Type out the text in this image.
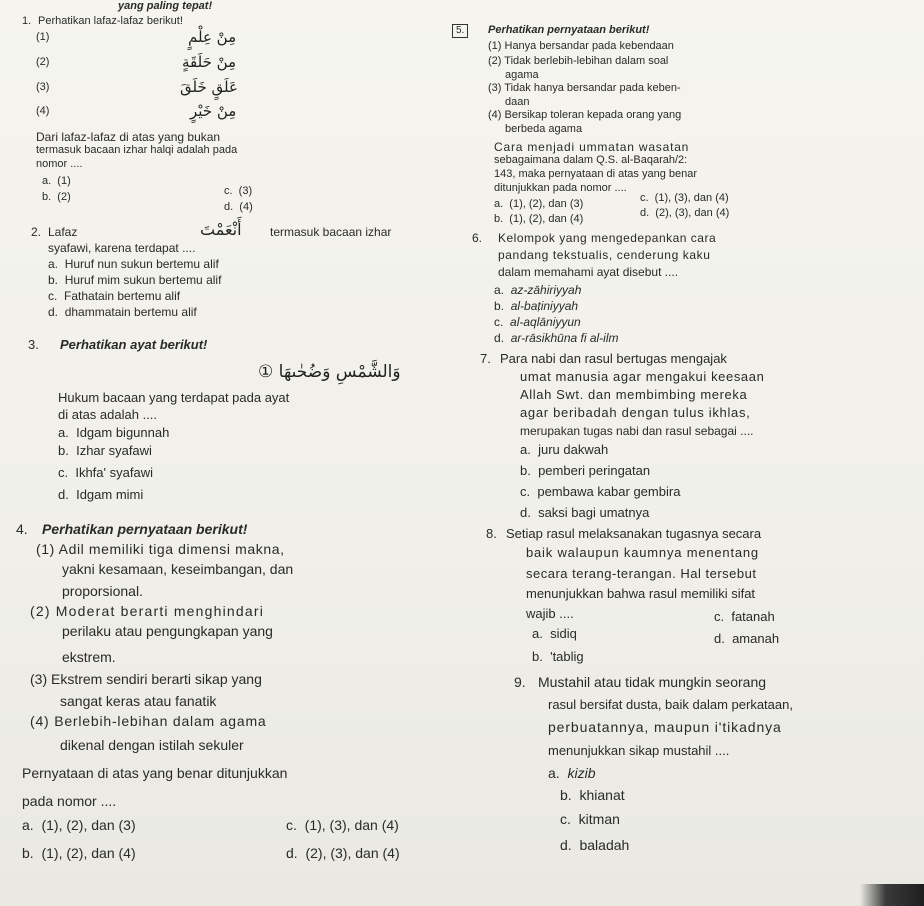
yang paling tepat!
1. Perhatikan lafaz-lafaz berikut!
(1)	مِنْ عِلْمٍ
(2)	مِنْ حَلَقَةٍ
(3)	عَلَقٍ خَلَقَ
(4)	مِنْ خَيْرٍ
Dari lafaz-lafaz di atas yang bukan
termasuk bacaan izhar halqi adalah pada
nomor ....
a.  (1)
b.  (2)	c.  (3)
d.  (4)
2. Lafaz	أَنْعَمْتَ termasuk bacaan izhar
syafawi, karena terdapat ....
a.  Huruf nun sukun bertemu alif
b.  Huruf mim sukun bertemu alif
c.  Fathatain bertemu alif
d.  dhammatain bertemu alif
3. Perhatikan ayat berikut!
وَالشَّمْسِ وَضُحٰىهَا ①
Hukum bacaan yang terdapat pada ayat
di atas adalah ....
a.  Idgam bigunnah
b.  Izhar syafawi
c.  Ikhfa' syafawi
d.  Idgam mimi
4. Perhatikan pernyataan berikut!
(1) Adil memiliki tiga dimensi makna,
yakni kesamaan, keseimbangan, dan
proporsional.
(2) Moderat berarti menghindari
perilaku atau pengungkapan yang
ekstrem.
(3) Ekstrem sendiri berarti sikap yang
sangat keras atau fanatik
(4) Berlebih-lebihan dalam agama
dikenal dengan istilah sekuler
Pernyataan di atas yang benar ditunjukkan
pada nomor ....
a.  (1), (2), dan (3)
b.  (1), (2), dan (4)
c.  (1), (3), dan (4)
d.  (2), (3), dan (4)
5.	Perhatikan pernyataan berikut!
(1) Hanya bersandar pada kebendaan
(2) Tidak berlebih-lebihan dalam soal
agama
(3) Tidak hanya bersandar pada keben-
daan
(4) Bersikap toleran kepada orang yang
berbeda agama
Cara menjadi ummatan wasatan
sebagaimana dalam Q.S. al-Baqarah/2:
143, maka pernyataan di atas yang benar
ditunjukkan pada nomor ....
a.  (1), (2), dan (3)
b.  (1), (2), dan (4)
c.  (1), (3), dan (4)
d.  (2), (3), dan (4)
6. Kelompok yang mengedepankan cara
pandang tekstualis, cenderung kaku
dalam memahami ayat disebut ....
a.  az-zāhiriyyah
b.  al-baṭiniyyah
c.  al-aqlāniyyun
d.  ar-rāsikhūna fi al-ilm
7. Para nabi dan rasul bertugas mengajak
umat manusia agar mengakui keesaan
Allah Swt. dan membimbing mereka
agar beribadah dengan tulus ikhlas,
merupakan tugas nabi dan rasul sebagai ....
a.  juru dakwah
b.  pemberi peringatan
c.  pembawa kabar gembira
d.  saksi bagi umatnya
8. Setiap rasul melaksanakan tugasnya secara
baik walaupun kaumnya menentang
secara terang-terangan. Hal tersebut
menunjukkan bahwa rasul memiliki sifat
wajib ....
a.  sidiq
b.  'tablig
c.  fatanah
d.  amanah
9. Mustahil atau tidak mungkin seorang
rasul bersifat dusta, baik dalam perkataan,
perbuatannya, maupun i'tikadnya
menunjukkan sikap mustahil ....
a.  kizib
b.  khianat
c.  kitman
d.  baladah
